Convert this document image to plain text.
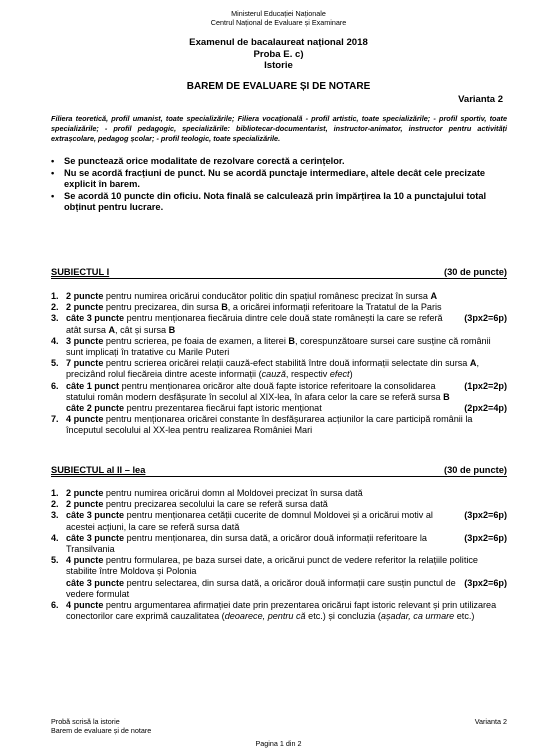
Ministerul Educației Naționale
Centrul Național de Evaluare și Examinare
Examenul de bacalaureat național 2018
Proba E. c)
Istorie
BAREM DE EVALUARE ȘI DE NOTARE
Varianta 2
Filiera teoretică, profil umanist, toate specializările; Filiera vocațională - profil artistic, toate specializările; - profil sportiv, toate specializările; - profil pedagogic, specializările: bibliotecar-documentarist, instructor-animator, instructor pentru activități extrașcolare, pedagog școlar; - profil teologic, toate specializările.
• Se punctează orice modalitate de rezolvare corectă a cerințelor.
• Nu se acordă fracțiuni de punct. Nu se acordă punctaje intermediare, altele decât cele precizate explicit în barem.
• Se acordă 10 puncte din oficiu. Nota finală se calculează prin împărțirea la 10 a punctajului total obținut pentru lucrare.
SUBIECTUL I	(30 de puncte)
1. 2 puncte pentru numirea oricărui conducător politic din spațiul românesc precizat în sursa A
2. 2 puncte pentru precizarea, din sursa B, a oricărei informații referitoare la Tratatul de la Paris
(3px2=6p)
3. câte 3 puncte pentru menționarea fiecăruia dintre cele două state românești la care se referă atât sursa A, cât și sursa B
4. 3 puncte pentru scrierea, pe foaia de examen, a literei B, corespunzătoare sursei care susține că românii sunt implicați în tratative cu Marile Puteri
5. 7 puncte pentru scrierea oricărei relații cauză-efect stabilită între două informații selectate din sursa A, precizând rolul fiecăreia dintre aceste informații (cauză, respectiv efect)
(1px2=2p)
6. câte 1 punct pentru menționarea oricăror alte două fapte istorice referitoare la consolidarea statului român modern desfășurate în secolul al XIX-lea, în afara celor la care se referă sursa B
(2px2=4p)
câte 2 puncte pentru prezentarea fiecărui fapt istoric menționat
7. 4 puncte pentru menționarea oricărei constante în desfășurarea acțiunilor la care participă românii la începutul secolului al XX-lea pentru realizarea României Mari
SUBIECTUL al II – lea	(30 de puncte)
1. 2 puncte pentru numirea oricărui domn al Moldovei precizat în sursa dată
2. 2 puncte pentru precizarea secolului la care se referă sursa dată
(3px2=6p)
3. câte 3 puncte pentru menționarea cetății cucerite de domnul Moldovei și a oricărui motiv al acestei acțiuni, la care se referă sursa dată
(3px2=6p)
4. câte 3 puncte pentru menționarea, din sursa dată, a oricăror două informații referitoare la Transilvania
5. 4 puncte pentru formularea, pe baza sursei date, a oricărui punct de vedere referitor la relațiile politice stabilite între Moldova și Polonia
(3px2=6p)
câte 3 puncte pentru selectarea, din sursa dată, a oricăror două informații care susțin punctul de vedere formulat
6. 4 puncte pentru argumentarea afirmației date prin prezentarea oricărui fapt istoric relevant și prin utilizarea conectorilor care exprimă cauzalitatea (deoarece, pentru că etc.) și concluzia (așadar, ca urmare etc.)
Probă scrisă la istorie
Barem de evaluare și de notare
Varianta 2
Pagina 1 din 2
